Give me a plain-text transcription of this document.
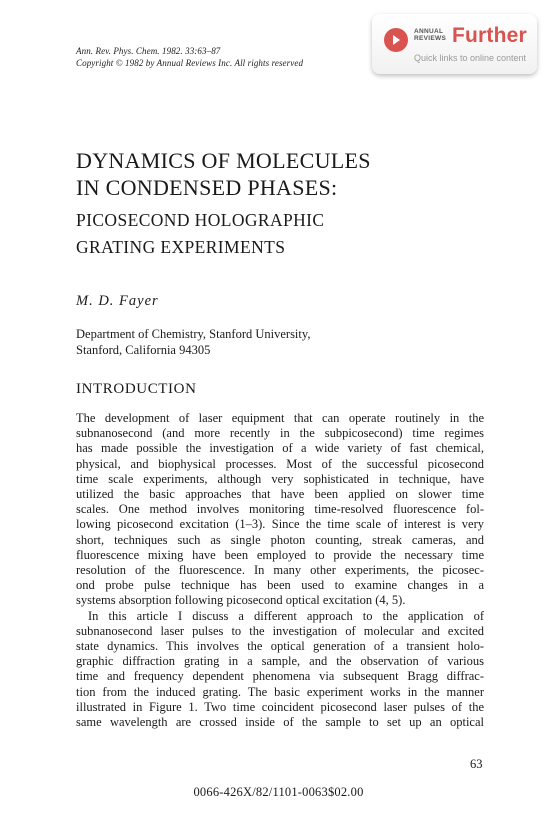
Ann. Rev. Phys. Chem. 1982. 33:63–87
Copyright © 1982 by Annual Reviews Inc. All rights reserved
ANNUAL
REVIEWS Further
Quick links to online content
DYNAMICS OF MOLECULES
IN CONDENSED PHASES:
PICOSECOND HOLOGRAPHIC
GRATING EXPERIMENTS
M. D. Fayer
Department of Chemistry, Stanford University,
Stanford, California 94305
INTRODUCTION
The development of laser equipment that can operate routinely in the
subnanosecond (and more recently in the subpicosecond) time regimes
has made possible the investigation of a wide variety of fast chemical,
physical, and biophysical processes. Most of the successful picosecond
time scale experiments, although very sophisticated in technique, have
utilized the basic approaches that have been applied on slower time
scales. One method involves monitoring time-resolved fluorescence fol-
lowing picosecond excitation (1–3). Since the time scale of interest is very
short, techniques such as single photon counting, streak cameras, and
fluorescence mixing have been employed to provide the necessary time
resolution of the fluorescence. In many other experiments, the picosec-
ond probe pulse technique has been used to examine changes in a
systems absorption following picosecond optical excitation (4, 5).
In this article I discuss a different approach to the application of
subnanosecond laser pulses to the investigation of molecular and excited
state dynamics. This involves the optical generation of a transient holo-
graphic diffraction grating in a sample, and the observation of various
time and frequency dependent phenomena via subsequent Bragg diffrac-
tion from the induced grating. The basic experiment works in the manner
illustrated in Figure 1. Two time coincident picosecond laser pulses of the
same wavelength are crossed inside of the sample to set up an optical
63
0066-426X/82/1101-0063$02.00
